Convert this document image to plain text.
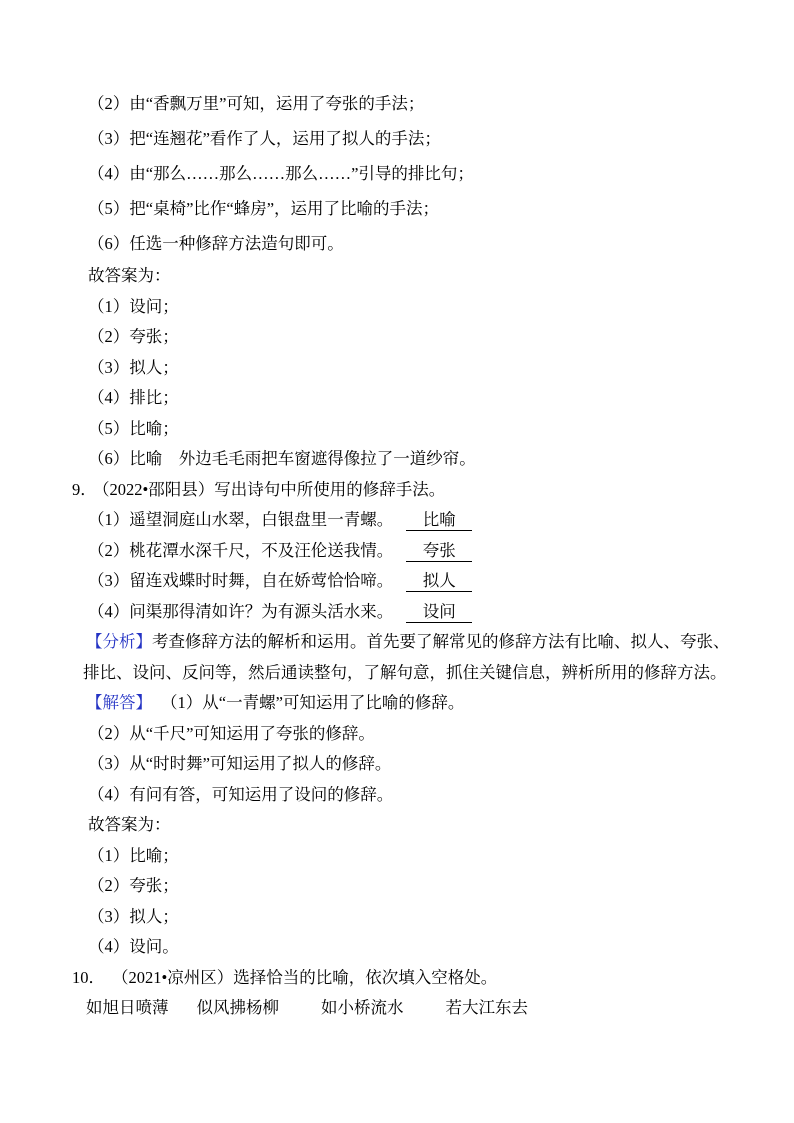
（2）由“香飘万里”可知，运用了夸张的手法；

（3）把“连翘花”看作了人，运用了拟人的手法；

（4）由“那么……那么……那么……”引导的排比句；

（5）把“桌椅”比作“蜂房”，运用了比喻的手法；

（6）任选一种修辞方法造句即可。

故答案为：

（1）设问；

（2）夸张；

（3）拟人；

（4）排比；

（5）比喻；

（6）比喻　外边毛毛雨把车窗遮得像拉了一道纱帘。

9．（2022•邵阳县）写出诗句中所使用的修辞手法。

（1）遥望洞庭山水翠，白银盘里一青螺。 比喻

（2）桃花潭水深千尺，不及汪伦送我情。 夸张

（3）留连戏蝶时时舞，自在娇莺恰恰啼。 拟人

（4）问渠那得清如许？为有源头活水来。 设问

【分析】考查修辞方法的解析和运用。首先要了解常见的修辞方法有比喻、拟人、夸张、

排比、设问、反问等，然后通读整句，了解句意，抓住关键信息，辨析所用的修辞方法。

【解答】 （1）从“一青螺”可知运用了比喻的修辞。

（2）从“千尺”可知运用了夸张的修辞。

（3）从“时时舞”可知运用了拟人的修辞。

（4）有问有答，可知运用了设问的修辞。

故答案为：

（1）比喻；

（2）夸张；

（3）拟人；

（4）设问。

10． （2021•凉州区）选择恰当的比喻，依次填入空格处。

如旭日喷薄 似风拂杨柳	如小桥流水	若大江东去
